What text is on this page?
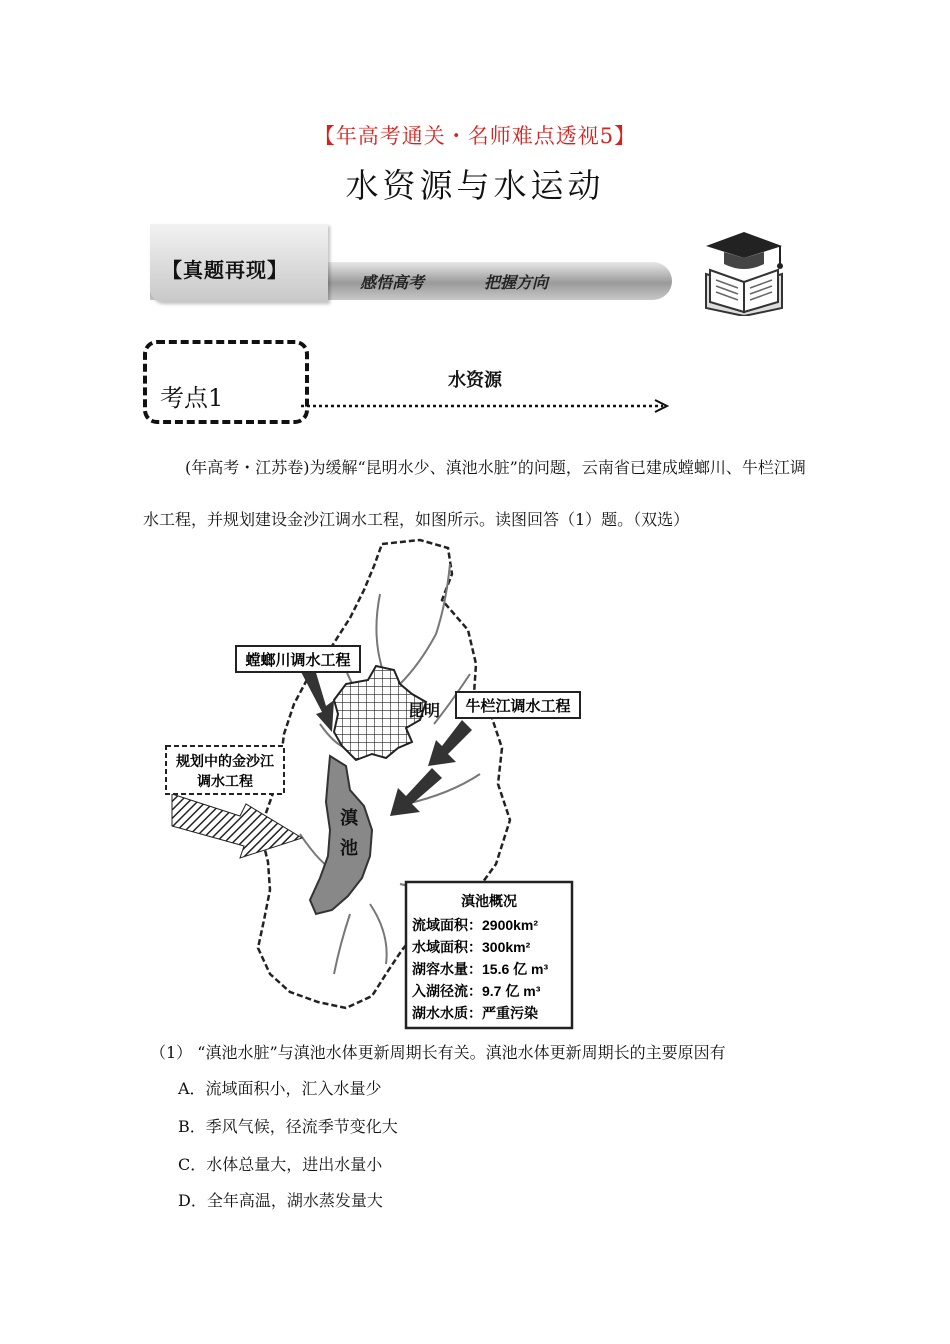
【年高考通关・名师难点透视5】
水资源与水运动
【真题再现】
感悟高考	把握方向
考点1
水资源
(年高考・江苏卷)为缓解“昆明水少、滇池水脏”的问题，云南省已建成螳螂川、牛栏江调水工程，并规划建设金沙江调水工程，如图所示。读图回答（1）题。（双选）
螳螂川调水工程
牛栏江调水工程
规划中的金沙江
调水工程
昆明
滇
池
滇池概况
流域面积：2900km²
水域面积：300km²
湖容水量：15.6 亿 m³
入湖径流：9.7 亿 m³
湖水水质：严重污染
（1） “滇池水脏”与滇池水体更新周期长有关。滇池水体更新周期长的主要原因有
A．流域面积小，汇入水量少
B．季风气候，径流季节变化大
C．水体总量大，进出水量小
D．全年高温，湖水蒸发量大
